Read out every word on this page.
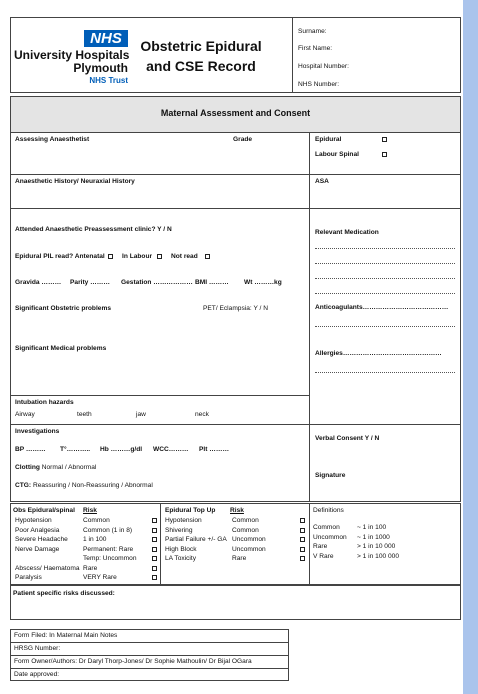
NHS
University Hospitals
Plymouth
NHS Trust
Obstetric Epidural
and CSE Record
Surname:
First Name:
Hospital Number:
NHS Number:
Maternal Assessment and Consent
Assessing Anaesthetist	Grade	Epidural
Labour Spinal
Anaesthetic History/ Neuraxial History	ASA
Attended Anaesthetic Preassessment clinic? Y / N
Epidural PIL read? Antenatal	In Labour	Not read
Gravida ……… Parity ……… Gestation ……………… BMI ……… Wt ………kg
Significant Obstetric problems	PET/ Eclampsia: Y / N
Significant Medical problems
Intubation hazards
Airway	teeth	jaw	neck
Relevant Medication
Anticoagulants…………………………………
Allergies………………………………………
Investigations
BP ……… T°……….. Hb ………g/dl WCC……… Plt ………
Clotting Normal / Abnormal
CTG: Reassuring / Non-Reassuring / Abnormal
Verbal Consent Y / N
Signature
Obs Epidural/spinal Risk
Hypotension	Common
Poor Analgesia	Common (1 in 8)
Severe Headache 1 in 100
Nerve Damage	Permanent: Rare
Temp: Uncommon
Abscess/ Haematoma Rare
Paralysis	VERY Rare
Epidural Top Up Risk
Hypotension	Common
Shivering	Common
Partial Failure +/- GA Uncommon
High Block	Uncommon
LA Toxicity	Rare
Definitions
Common	~ 1 in 100
Uncommon ~ 1 in 1000
Rare	> 1 in 10 000
V Rare	> 1 in 100 000
Patient specific risks discussed:
Form Filed: In Maternal Main Notes
HRSG Number:
Form Owner/Authors: Dr Daryl Thorp-Jones/ Dr Sophie Mathoulin/ Dr Bijal OGara
Date approved:
